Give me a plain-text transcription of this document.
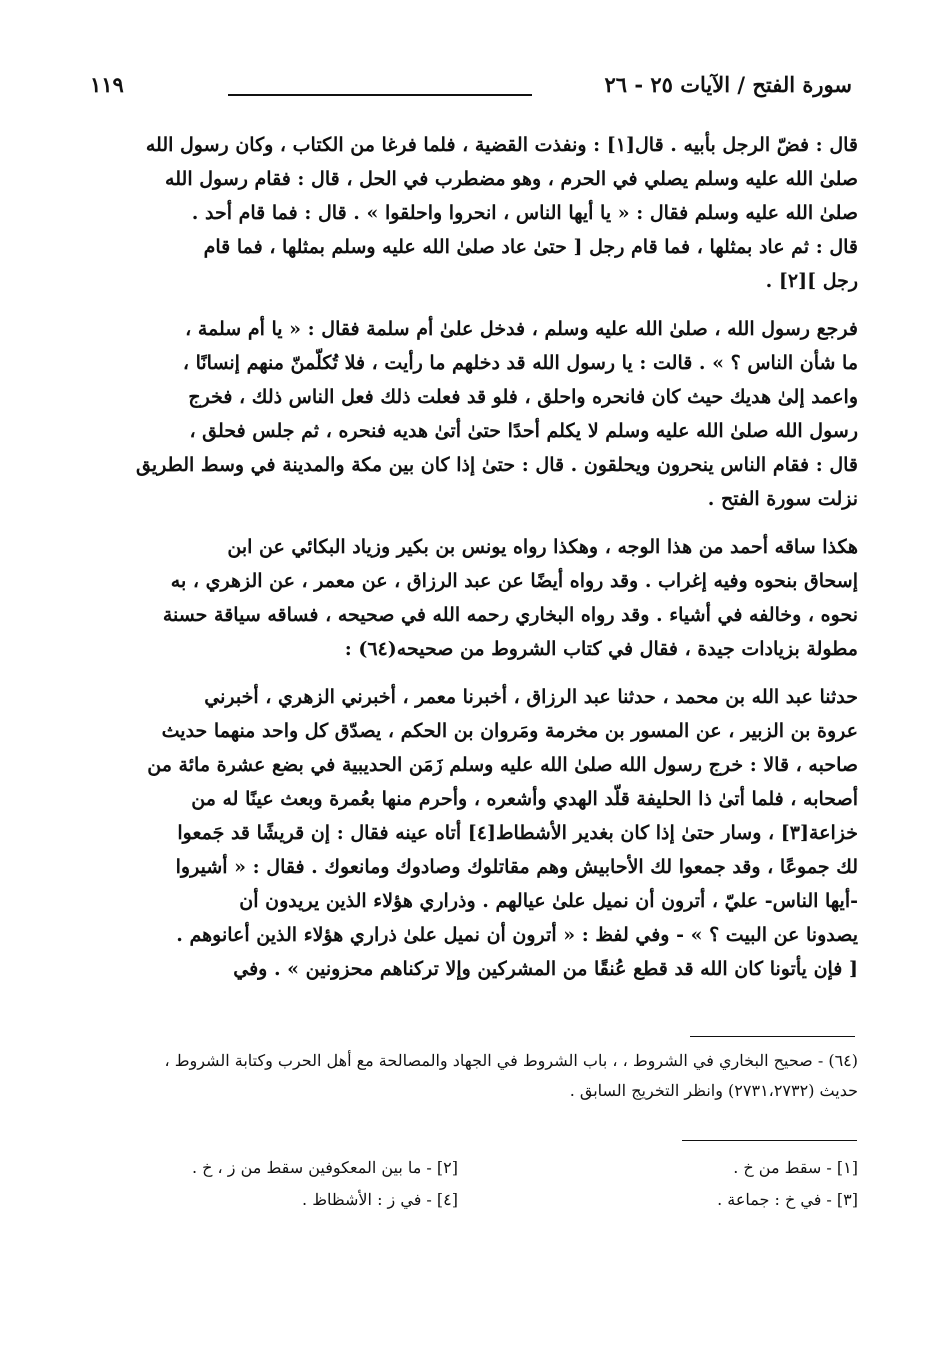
سورة الفتح / الآيات ٢٥ - ٢٦
١١٩

قال : فضّ الرجل بأبيه . قال[١] : ونفذت القضية ، فلما فرغا من الكتاب ، وكان رسول الله
صلىٰ الله عليه وسلم يصلي في الحرم ، وهو مضطرب في الحل ، قال : فقام رسول الله
صلىٰ الله عليه وسلم فقال : « يا أيها الناس ، انحروا واحلقوا » . قال : فما قام أحد .
قال : ثم عاد بمثلها ، فما قام رجل [ حتىٰ عاد صلىٰ الله عليه وسلم بمثلها ، فما قام
رجل ][٢] .

فرجع رسول الله ، صلىٰ الله عليه وسلم ، فدخل علىٰ أم سلمة فقال : « يا أم سلمة ،
ما شأن الناس ؟ » . قالت : يا رسول الله قد دخلهم ما رأيت ، فلا تُكلّمنّ منهم إنسانًا ،
واعمد إلىٰ هديك حيث كان فانحره واحلق ، فلو قد فعلت ذلك فعل الناس ذلك ، فخرج
رسول الله صلىٰ الله عليه وسلم لا يكلم أحدًا حتىٰ أتىٰ هديه فنحره ، ثم جلس فحلق ،
قال : فقام الناس ينحرون ويحلقون . قال : حتىٰ إذا كان بين مكة والمدينة في وسط الطريق
نزلت سورة الفتح .

هكذا ساقه أحمد من هذا الوجه ، وهكذا رواه يونس بن بكير وزياد البكائي عن ابن
إسحاق بنحوه وفيه إغراب . وقد رواه أيضًا عن عبد الرزاق ، عن معمر ، عن الزهري ، به
نحوه ، وخالفه في أشياء . وقد رواه البخاري رحمه الله في صحيحه ، فساقه سياقة حسنة
مطولة بزيادات جيدة ، فقال في كتاب الشروط من صحيحه(٦٤) :

حدثنا عبد الله بن محمد ، حدثنا عبد الرزاق ، أخبرنا معمر ، أخبرني الزهري ، أخبرني
عروة بن الزبير ، عن المسور بن مخرمة ومَروان بن الحكم ، يصدّق كل واحد منهما حديث
صاحبه ، قالا : خرج رسول الله صلىٰ الله عليه وسلم زَمَن الحديبية في بضع عشرة مائة من
أصحابه ، فلما أتىٰ ذا الحليفة قلّد الهدي وأشعره ، وأحرم منها بعُمرة وبعث عينًا له من
خزاعة[٣] ، وسار حتىٰ إذا كان بغدير الأشطاط[٤] أتاه عينه فقال : إن قريشًا قد جَمعوا
لك جموعًا ، وقد جمعوا لك الأحابيش وهم مقاتلوك وصادوك ومانعوك . فقال : « أشيروا
-أيها الناس- عليّ ، أترون أن نميل علىٰ عيالهم . وذراري هؤلاء الذين يريدون أن
يصدونا عن البيت ؟ » - وفي لفظ : « أترون أن نميل علىٰ ذراري هؤلاء الذين أعانوهم .
[ فإن يأتونا كان الله قد قطع عُنقًا من المشركين وإلا تركناهم محزونين » . وفي

(٦٤) - صحيح البخاري في الشروط ، ، باب الشروط في الجهاد والمصالحة مع أهل الحرب وكتابة الشروط ،
حديث (٢٧٣١،٢٧٣٢) وانظر التخريج السابق .
[١] - سقط من خ .
[٢] - ما بين المعكوفين سقط من ز ، خ .
[٣] - في خ : جماعة .
[٤] - في ز : الأشظاظ .
